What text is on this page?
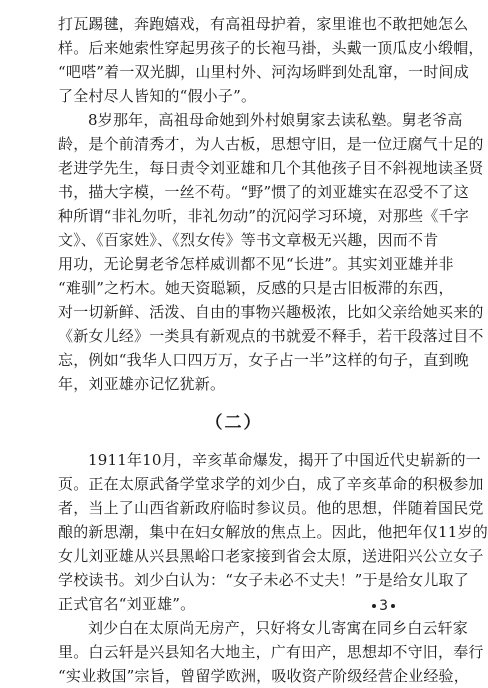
打瓦踢毽，奔跑嬉戏，有高祖母护着，家里谁也不敢把她怎么
样。后来她索性穿起男孩子的长袍马褂，头戴一顶瓜皮小缎帽，
“吧嗒”着一双光脚，山里村外、河沟场畔到处乱窜，一时间成
了全村尽人皆知的“假小子”。
8岁那年，高祖母命她到外村娘舅家去读私塾。舅老爷高
龄，是个前清秀才，为人古板，思想守旧，是一位迂腐气十足的
老进学先生，每日责令刘亚雄和几个其他孩子目不斜视地读圣贤
书，描大字模，一丝不苟。“野”惯了的刘亚雄实在忍受不了这
种所谓“非礼勿听，非礼勿动”的沉闷学习环境，对那些《千字
文》、《百家姓》、《烈女传》等书文章极无兴趣，因而不肯
用功，无论舅老爷怎样威训都不见“长进”。其实刘亚雄并非
“难驯”之朽木。她天资聪颖，反感的只是古旧板滞的东西，
对一切新鲜、活泼、自由的事物兴趣极浓，比如父亲给她买来的
《新女儿经》一类具有新观点的书就爱不释手，若干段落过目不
忘，例如“我华人口四万万，女子占一半”这样的句子，直到晚
年，刘亚雄亦记忆犹新。
（二）
1911年10月，辛亥革命爆发，揭开了中国近代史崭新的一
页。正在太原武备学堂求学的刘少白，成了辛亥革命的积极参加
者，当上了山西省新政府临时参议员。他的思想，伴随着国民党
酿的新思潮，集中在妇女解放的焦点上。因此，他把年仅11岁的
女儿刘亚雄从兴县黑峪口老家接到省会太原，送进阳兴公立女子
学校读书。刘少白认为：“女子未必不丈夫！”于是给女儿取了
正式官名“刘亚雄”。
刘少白在太原尚无房产，只好将女儿寄寓在同乡白云轩家
里。白云轩是兴县知名大地主，广有田产，思想却不守旧，奉行
“实业救国”宗旨，曾留学欧洲，吸收资产阶级经营企业经验，
3
